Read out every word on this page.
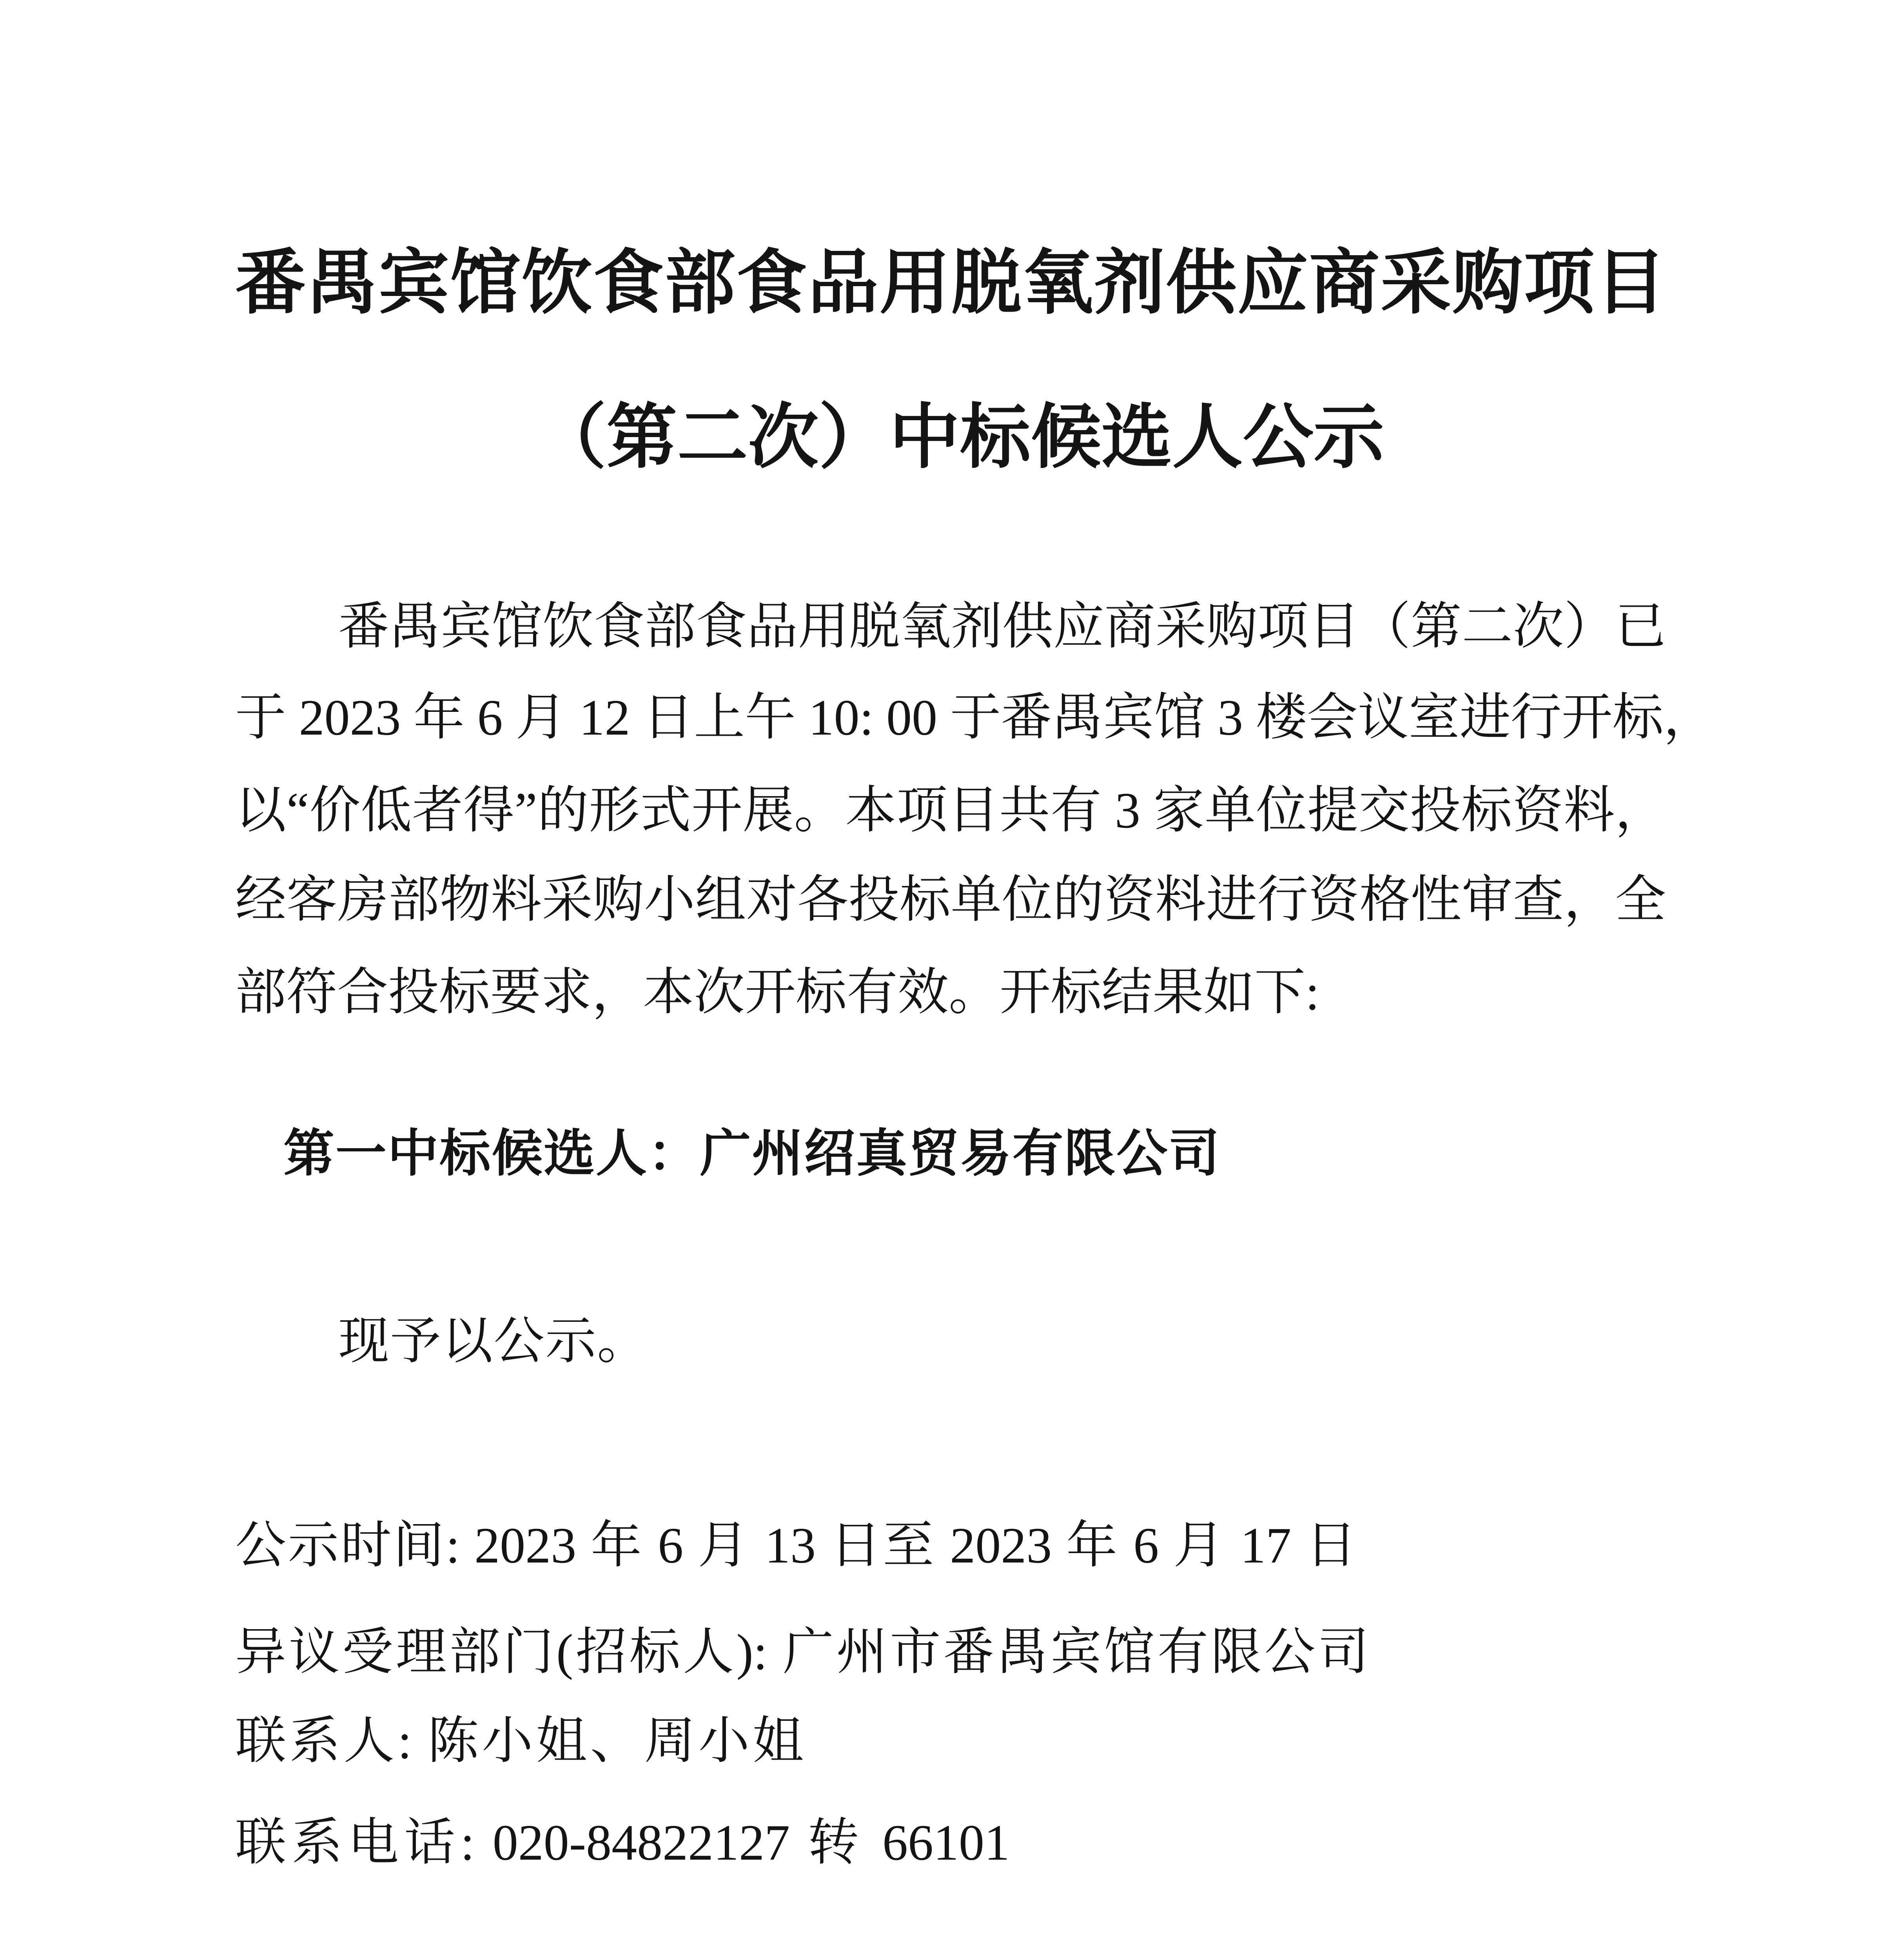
番禺宾馆饮食部食品用脱氧剂供应商采购项目
（第二次）中标候选人公示
番禺宾馆饮食部食品用脱氧剂供应商采购项目（第二次）已
于 2023 年 6 月 12 日上午 10: 00 于番禺宾馆 3 楼会议室进行开标，
以“价低者得”的形式开展。本项目共有 3 家单位提交投标资料，
经客房部物料采购小组对各投标单位的资料进行资格性审查，全
部符合投标要求，本次开标有效。开标结果如下:
第一中标候选人：广州绍真贸易有限公司
现予以公示。
公示时间: 2023 年 6 月 13 日至 2023 年 6 月 17 日
异议受理部门(招标人): 广州市番禺宾馆有限公司
联系人: 陈小姐、周小姐
联系电话: 020-84822127 转 66101
